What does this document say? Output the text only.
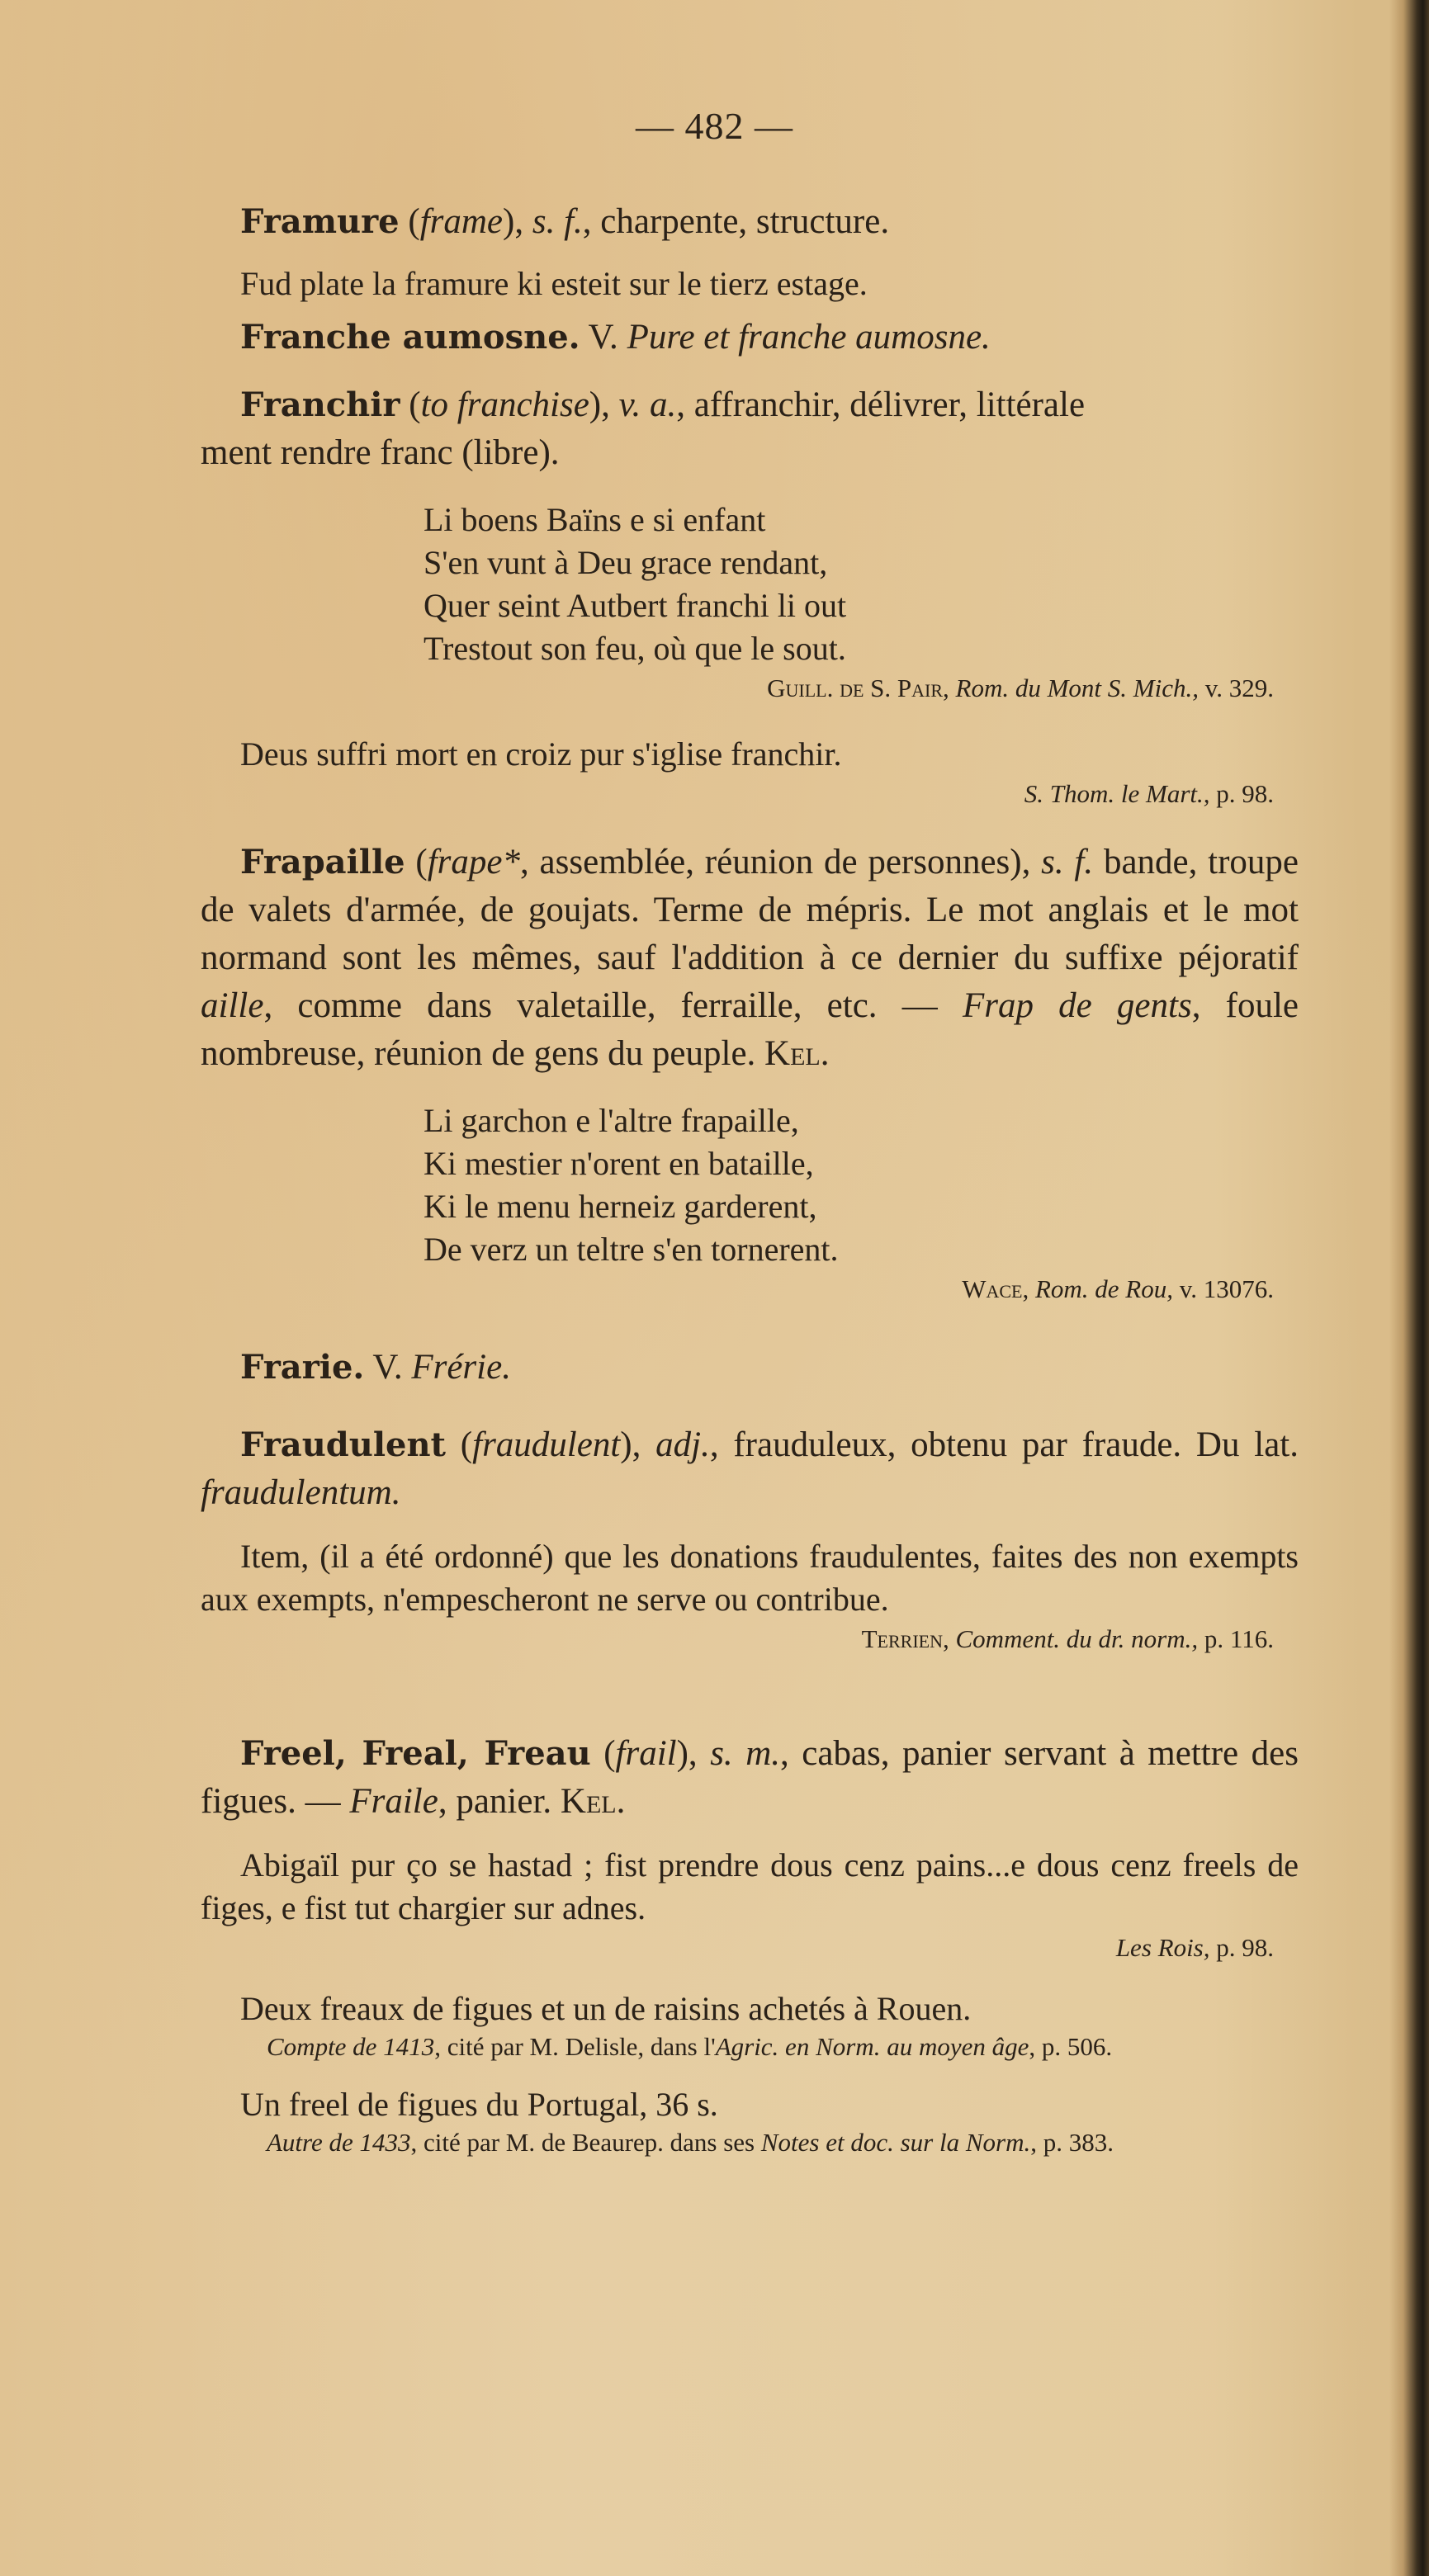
— 482 —
Framure (frame), s. f., charpente, structure.
Fud plate la framure ki esteit sur le tierz estage.
Franche aumosne. V. Pure et franche aumosne.
Franchir (to franchise), v. a., affranchir, délivrer, littérale
ment rendre franc (libre).
Li boens Baïns e si enfant
S'en vunt à Deu grace rendant,
Quer seint Autbert franchi li out
Trestout son feu, où que le sout.
Guill. de S. Pair, Rom. du Mont S. Mich., v. 329.
Deus suffri mort en croiz pur s'iglise franchir.
S. Thom. le Mart., p. 98.
Frapaille (frape*, assemblée, réunion de personnes), s. f. bande, troupe de valets d'armée, de goujats. Terme de mépris. Le mot anglais et le mot normand sont les mêmes, sauf l'addition à ce dernier du suffixe péjoratif aille, comme dans valetaille, ferraille, etc. — Frap de gents, foule nombreuse, réunion de gens du peuple. Kel.
Li garchon e l'altre frapaille,
Ki mestier n'orent en bataille,
Ki le menu herneiz garderent,
De verz un teltre s'en tornerent.
Wace, Rom. de Rou, v. 13076.
Frarie. V. Frérie.
Fraudulent (fraudulent), adj., frauduleux, obtenu par fraude. Du lat. fraudulentum.
Item, (il a été ordonné) que les donations fraudulentes, faites des non exempts aux exempts, n'empescheront ne serve ou contribue.
Terrien, Comment. du dr. norm., p. 116.
Freel, Freal, Freau (frail), s. m., cabas, panier servant à mettre des figues. — Fraile, panier. Kel.
Abigaïl pur ço se hastad ; fist prendre dous cenz pains...e dous cenz freels de figes, e fist tut chargier sur adnes.
Les Rois, p. 98.
Deux freaux de figues et un de raisins achetés à Rouen.
Compte de 1413, cité par M. Delisle, dans l'Agric. en Norm. au moyen âge, p. 506.
Un freel de figues du Portugal, 36 s.
Autre de 1433, cité par M. de Beaurep. dans ses Notes et doc. sur la Norm., p. 383.
